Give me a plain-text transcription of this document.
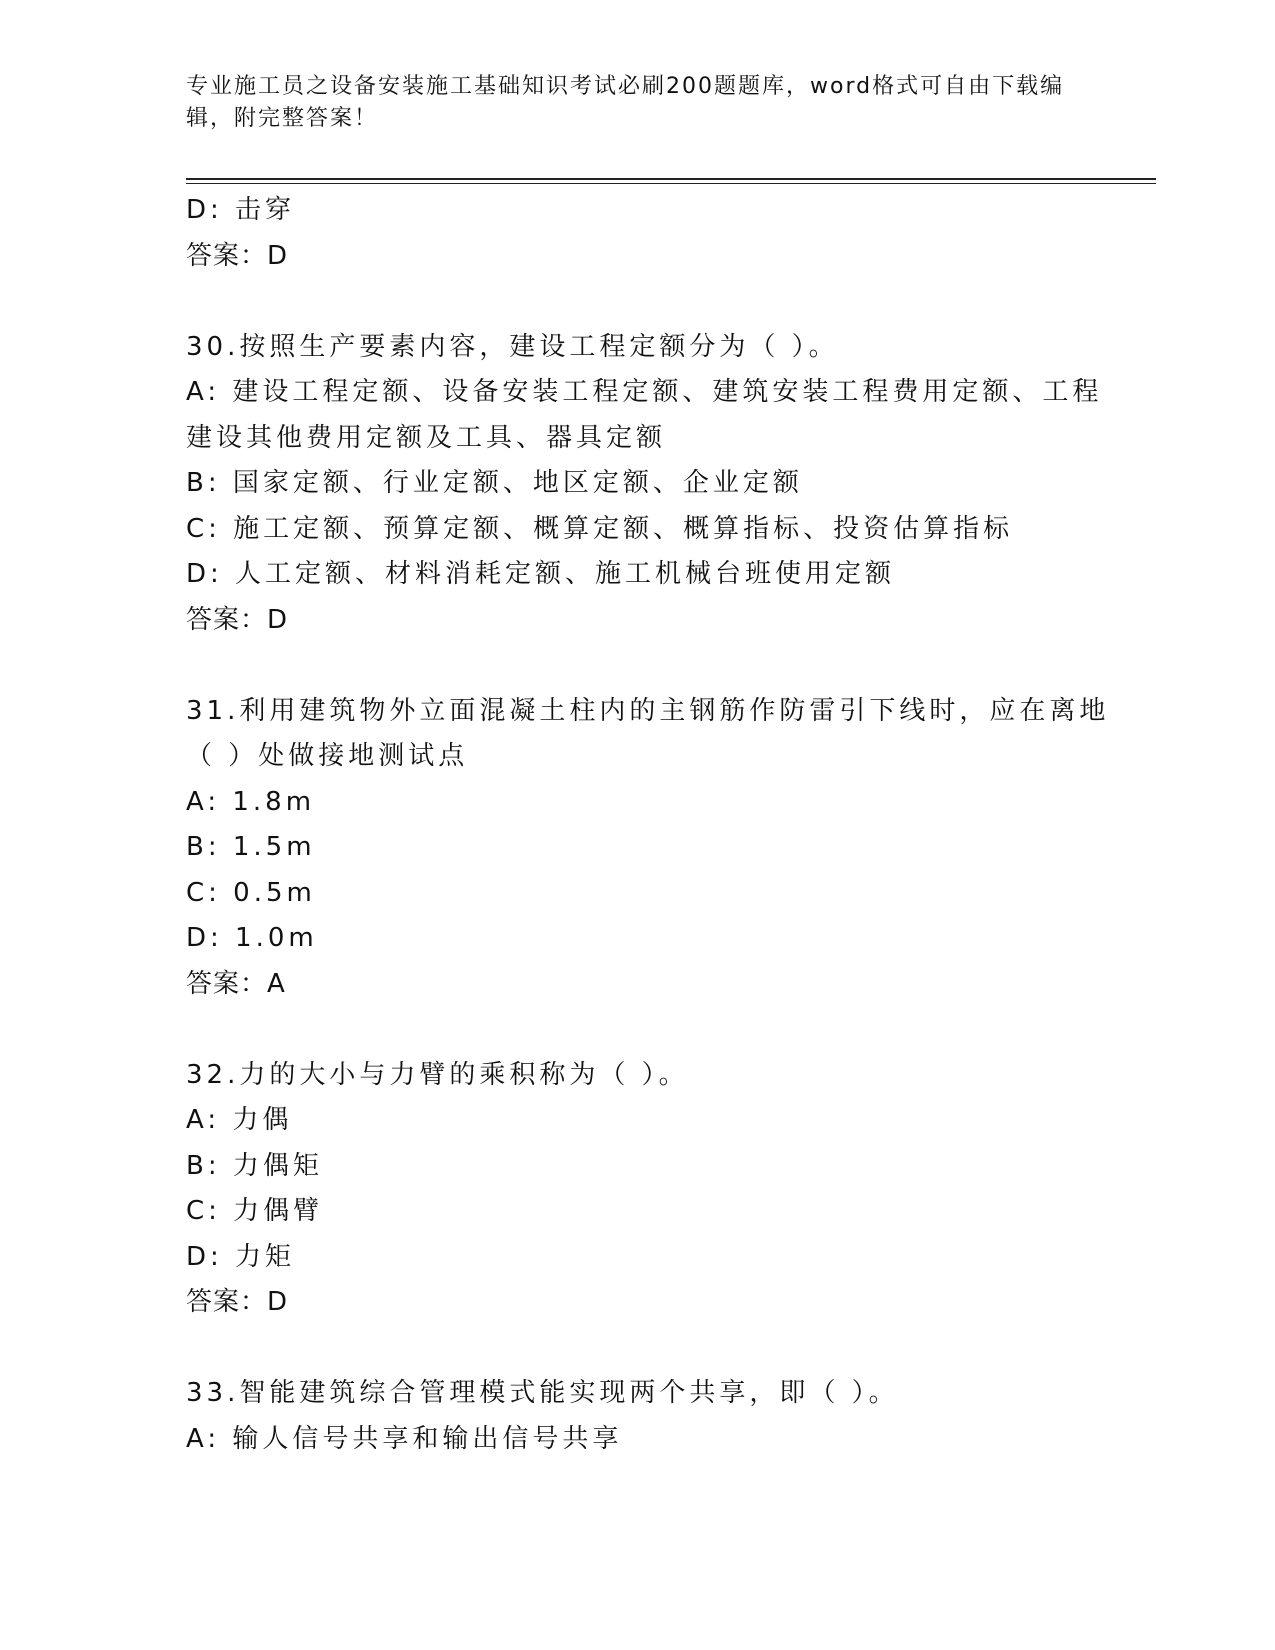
专业施工员之设备安装施工基础知识考试必刷200题题库，word格式可自由下载编辑，附完整答案！
D: 击穿
答案：D
30.按照生产要素内容，建设工程定额分为（ ）。
A: 建设工程定额、设备安装工程定额、建筑安装工程费用定额、工程
建设其他费用定额及工具、器具定额
B: 国家定额、行业定额、地区定额、企业定额
C: 施工定额、预算定额、概算定额、概算指标、投资估算指标
D: 人工定额、材料消耗定额、施工机械台班使用定额
答案：D
31.利用建筑物外立面混凝土柱内的主钢筋作防雷引下线时，应在离地
（ ）处做接地测试点
A: 1.8m
B: 1.5m
C: 0.5m
D: 1.0m
答案：A
32.力的大小与力臂的乘积称为（ ）。
A: 力偶
B: 力偶矩
C: 力偶臂
D: 力矩
答案：D
33.智能建筑综合管理模式能实现两个共享，即（ ）。
A: 输人信号共享和输出信号共享
